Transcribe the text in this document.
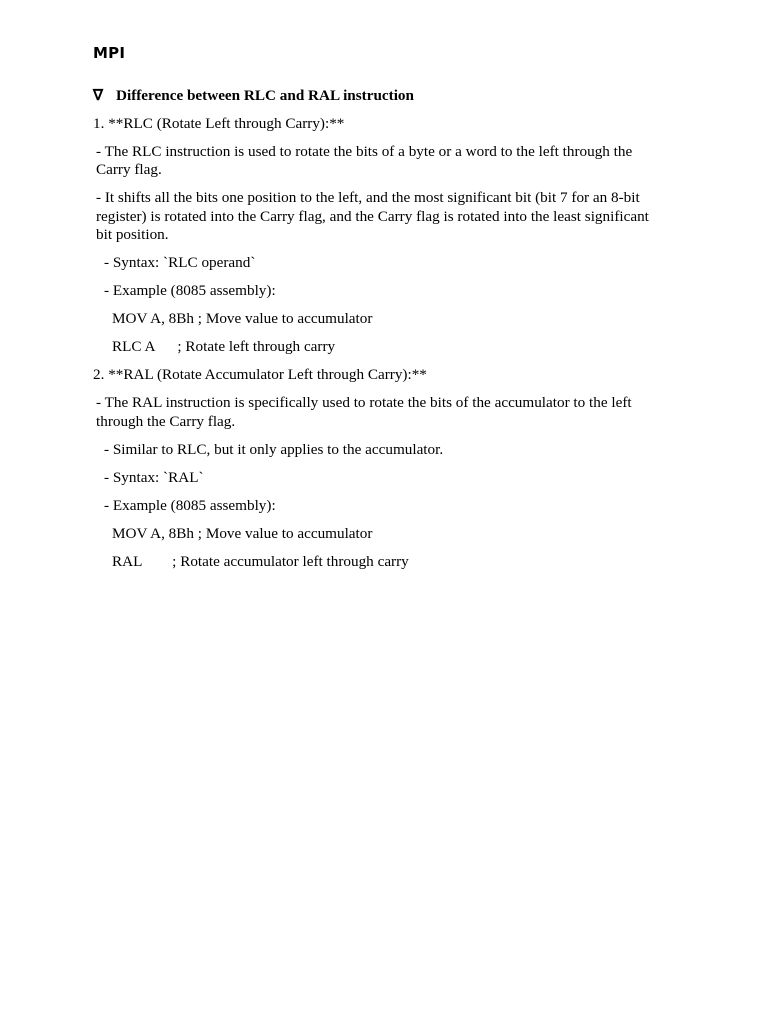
MPI
∇ Difference between RLC and RAL instruction

1. **RLC (Rotate Left through Carry):**

- The RLC instruction is used to rotate the bits of a byte or a word to the left through the Carry flag.

- It shifts all the bits one position to the left, and the most significant bit (bit 7 for an 8-bit register) is rotated into the Carry flag, and the Carry flag is rotated into the least significant bit position.

- Syntax: `RLC operand`

- Example (8085 assembly):

MOV A, 8Bh ; Move value to accumulator

RLC A      ; Rotate left through carry

2. **RAL (Rotate Accumulator Left through Carry):**

- The RAL instruction is specifically used to rotate the bits of the accumulator to the left through the Carry flag.

- Similar to RLC, but it only applies to the accumulator.

- Syntax: `RAL`

- Example (8085 assembly):

MOV A, 8Bh ; Move value to accumulator

RAL        ; Rotate accumulator left through carry
